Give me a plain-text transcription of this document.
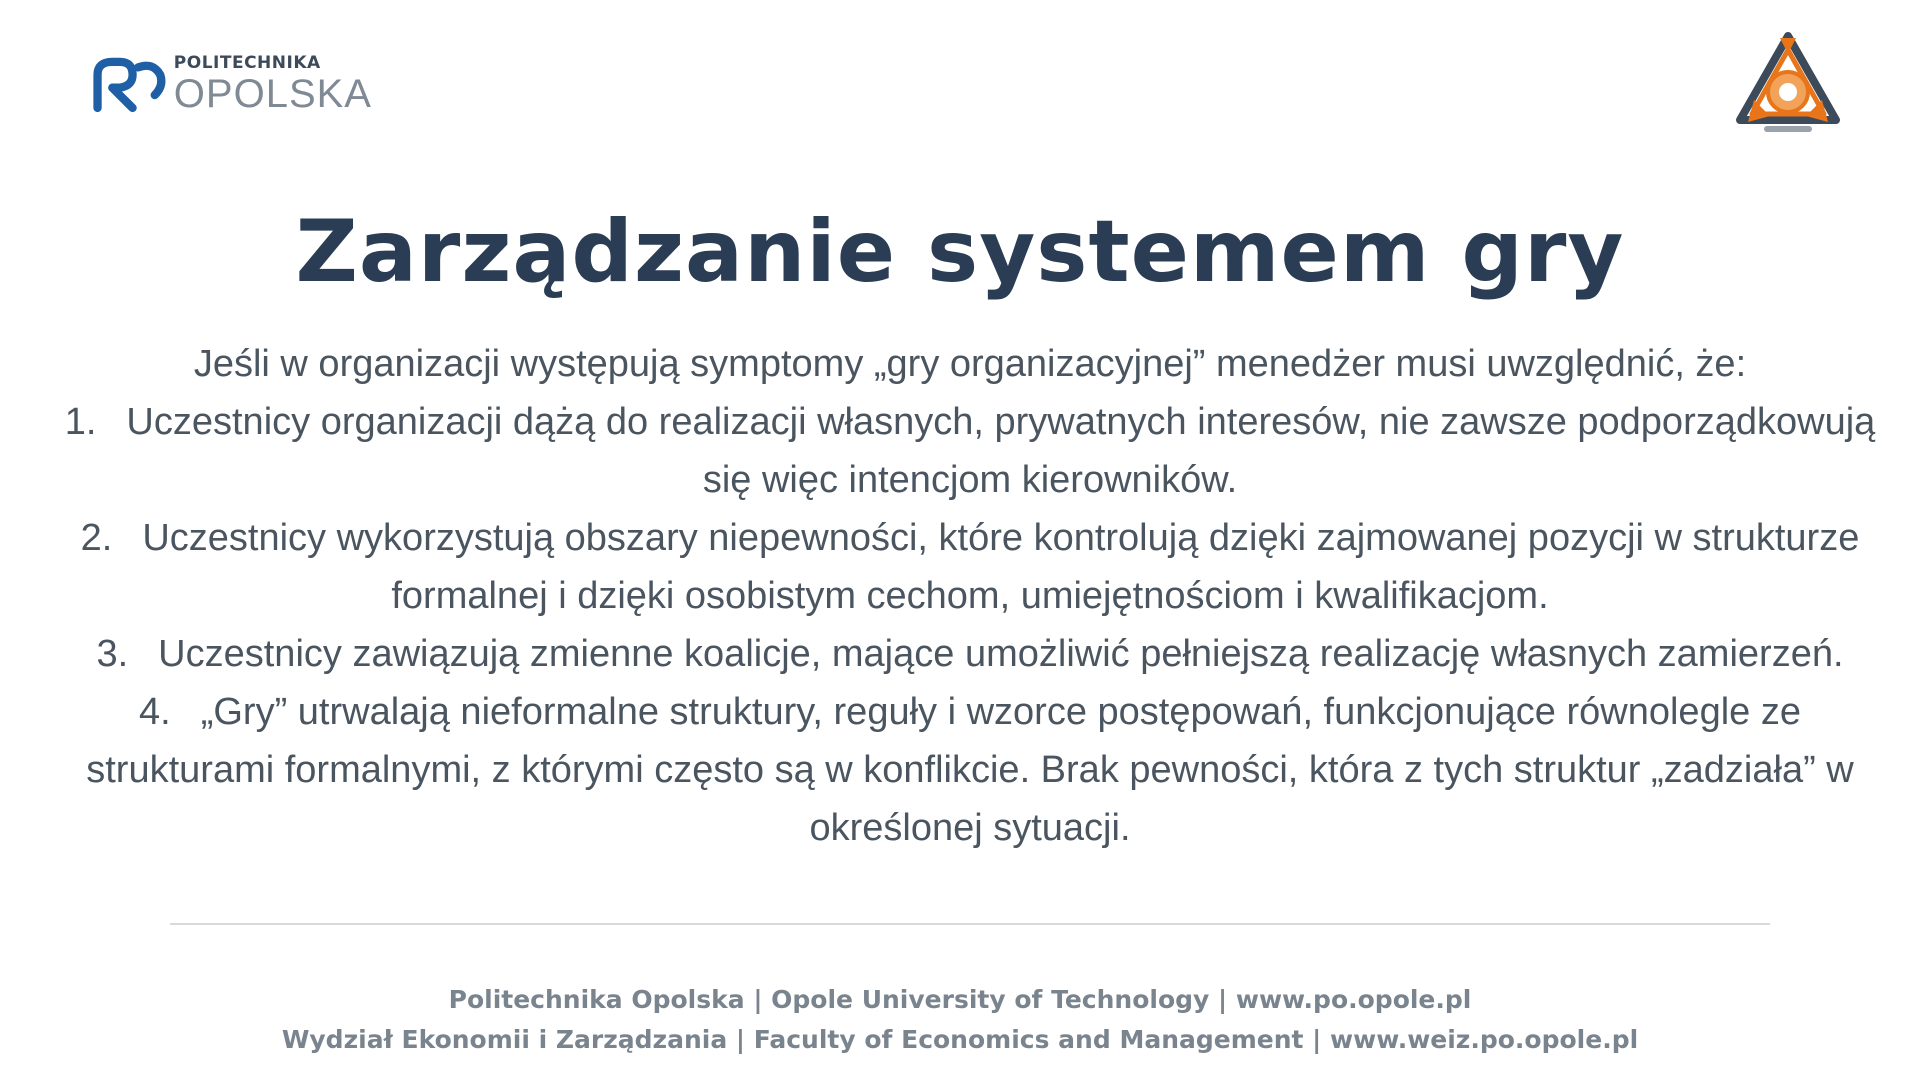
POLITECHNIKA
OPOLSKA
Zarządzanie systemem gry

Jeśli w organizacji występują symptomy „gry organizacyjnej” menedżer musi uwzględnić, że:

1. Uczestnicy organizacji dążą do realizacji własnych, prywatnych interesów, nie zawsze podporządkowują się więc intencjom kierowników.
2. Uczestnicy wykorzystują obszary niepewności, które kontrolują dzięki zajmowanej pozycji w strukturze formalnej i dzięki osobistym cechom, umiejętnościom i kwalifikacjom.
3. Uczestnicy zawiązują zmienne koalicje, mające umożliwić pełniejszą realizację własnych zamierzeń.
4. „Gry” utrwalają nieformalne struktury, reguły i wzorce postępowań, funkcjonujące równolegle ze strukturami formalnymi, z którymi często są w konflikcie. Brak pewności, która z tych struktur „zadziała” w określonej sytuacji.

Politechnika Opolska | Opole University of Technology | www.po.opole.pl

Wydział Ekonomii i Zarządzania | Faculty of Economics and Management | www.weiz.po.opole.pl
